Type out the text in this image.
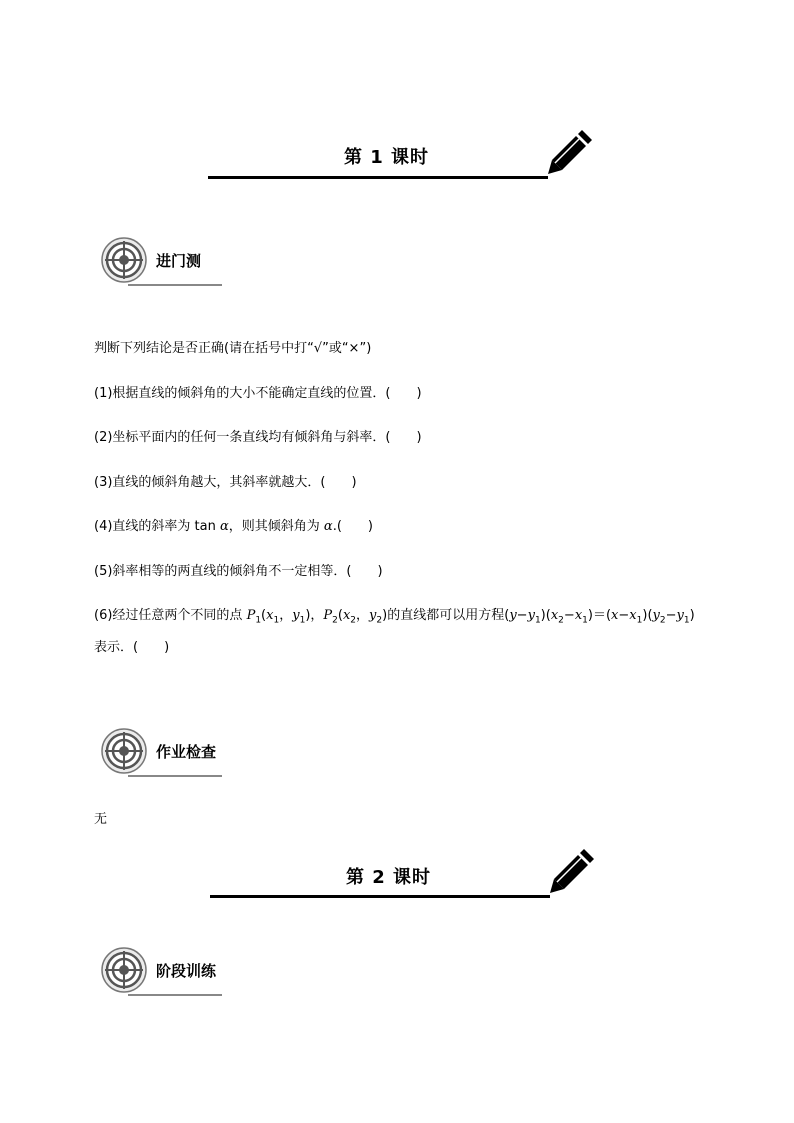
第 1 课时
进门测
判断下列结论是否正确(请在括号中打“√”或“×”)
(1)根据直线的倾斜角的大小不能确定直线的位置．(　　)
(2)坐标平面内的任何一条直线均有倾斜角与斜率．(　　)
(3)直线的倾斜角越大，其斜率就越大．(　　)
(4)直线的斜率为 tan α，则其倾斜角为 α.(　　)
(5)斜率相等的两直线的倾斜角不一定相等．(　　)
(6)经过任意两个不同的点 $P_1(x_1$，$y_1$)，$P_2(x_2$，$y_2$)的直线都可以用方程$(y-y_1)(x_2-x_1)=(x-x_1)(y_2-y_1)$
表示．(　　)
作业检查
无
第 2 课时
阶段训练
